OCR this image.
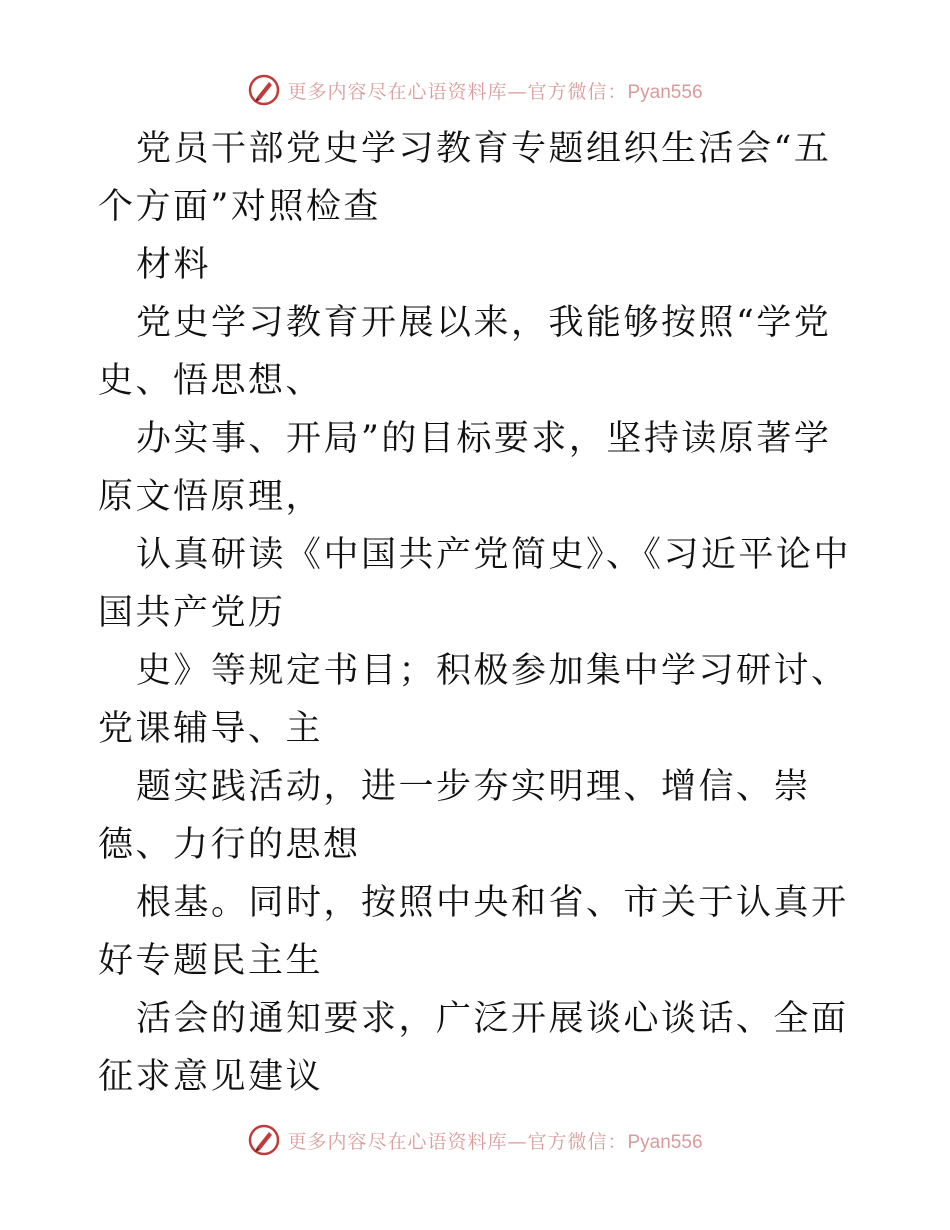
更多内容尽在心语资料库—官方微信：Pyan556

党员干部党史学习教育专题组织生活会“五个方面”对照检查

材料

党史学习教育开展以来，我能够按照“学党史、悟思想、

办实事、开局”的目标要求，坚持读原著学原文悟原理，

认真研读《中国共产党简史》、《习近平论中国共产党历

史》等规定书目；积极参加集中学习研讨、党课辅导、主

题实践活动，进一步夯实明理、增信、崇德、力行的思想

根基。同时，按照中央和省、市关于认真开好专题民主生

活会的通知要求，广泛开展谈心谈话、全面征求意见建议

更多内容尽在心语资料库—官方微信：Pyan556
